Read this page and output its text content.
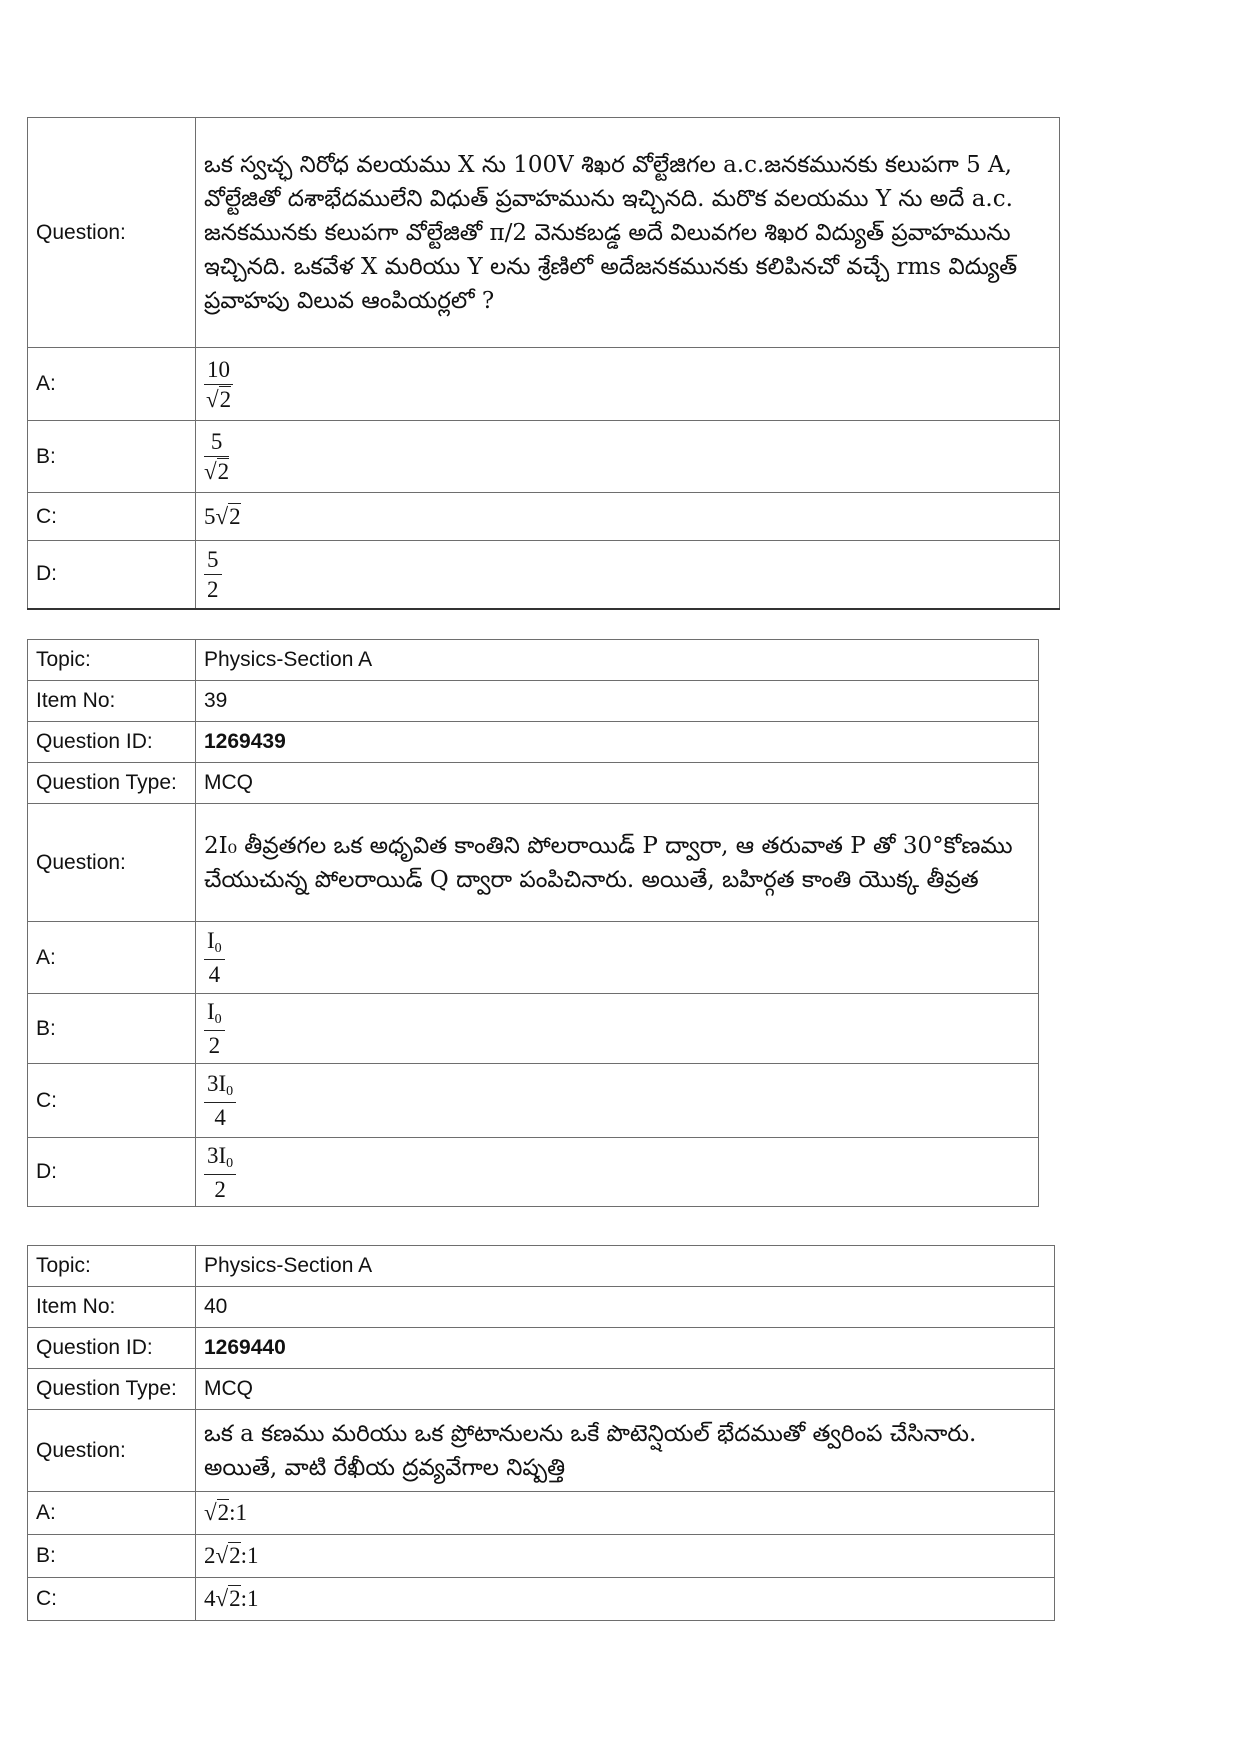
Question:	ఒక స్వచ్ఛ నిరోధ వలయము X ను 100V శిఖర వోల్టేజిగల a.c.జనకమునకు కలుపగా 5 A, వోల్టేజితో దశాభేదములేని విధుత్ ప్రవాహమును ఇచ్చినది. మరొక వలయము Y ను అదే a.c. జనకమునకు కలుపగా వోల్టేజితో π/2 వెనుకబడ్డ అదే విలువగల శిఖర విద్యుత్ ప్రవాహమును ఇచ్చినది. ఒకవేళ X మరియు Y లను శ్రేణిలో అదేజనకమునకు కలిపినచో వచ్చే rms విద్యుత్ ప్రవాహపు విలువ ఆంపియర్లలో ?
A:	$\frac{10}{√2}$

B:	$\frac{5}{√2}$

C:	5√2
D:	$\frac{5}{2}$
Topic:	Physics-Section A
Item No:	39
Question ID:	1269439
Question Type:	MCQ
Question:	2I₀ తీవ్రతగల ఒక అధృవిత కాంతిని పోలరాయిడ్ P ద్వారా, ఆ తరువాత P తో 30°కోణము చేయుచున్న పోలరాయిడ్ Q ద్వారా పంపిచినారు. అయితే, బహిర్గత కాంతి యొక్క తీవ్రత
A:	$\frac{I_0}{4}$

B:	$\frac{I_0}{2}$

C:	$\frac{3I_0}{4}$

D:	$\frac{3I_0}{2}$
Topic:	Physics-Section A
Item No:	40
Question ID:	1269440
Question Type:	MCQ
Question:	ఒక a కణము మరియు ఒక ప్రోటానులను ఒకే పొటెన్షియల్ భేదముతో త్వరింప చేసినారు. అయితే, వాటి రేఖీయ ద్రవ్యవేగాల నిష్పత్తి
A:	√2:1
B:	2√2:1
C:	4√2:1
